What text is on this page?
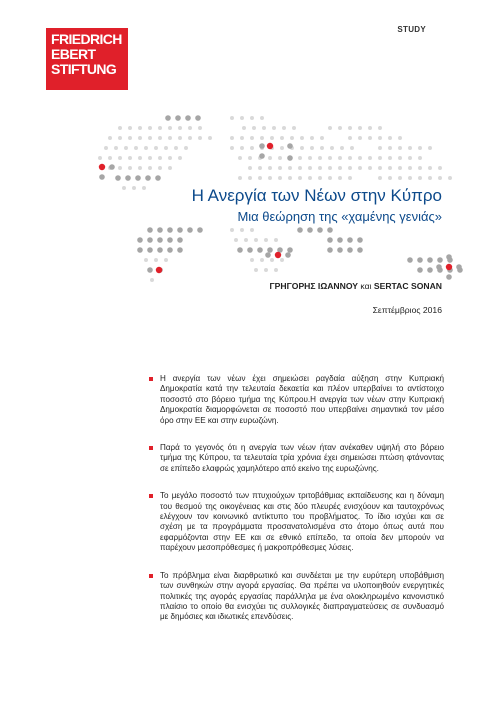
FRIEDRICH
EBERT
STIFTUNG
STUDY
Η Ανεργία των Νέων στην Κύπρο
Μια θεώρηση της «χαμένης γενιάς»
ΓΡΗΓΟΡΗΣ ΙΩΑΝΝΟΥ και SERTAC SONAN
Σεπτέμβριος 2016
Η ανεργία των νέων έχει σημειώσει ραγδαία αύξηση στην Κυπριακή Δημοκρατία κατά την τελευταία δεκαετία και πλέον υπερβαίνει το αντίστοιχο ποσοστό στο βόρειο τμήμα της Κύπρου.Η ανεργία των νέων στην Κυπριακή Δημοκρατία διαμορφώνεται σε ποσοστό που υπερβαίνει σημαντικά τον μέσο όρο στην ΕΕ και στην ευρωζώνη.
Παρά το γεγονός ότι η ανεργία των νέων ήταν ανέκαθεν υψηλή στο βόρειο τμήμα της Κύπρου, τα τελευταία τρία χρόνια έχει σημειώσει πτώση φτάνοντας σε επίπεδο ελαφρώς χαμηλότερο από εκείνο της ευρωζώνης.
Το μεγάλο ποσοστό των πτυχιούχων τριτοβάθμιας εκπαίδευσης και η δύναμη του θεσμού της οικογένειας και στις δύο πλευρές ενισχύουν και ταυτοχρόνως ελέγχουν τον κοινωνικό αντίκτυπο του προβλήματος. Το ίδιο ισχύει και σε σχέση με τα προγράμματα προσανατολισμένα στο άτομο όπως αυτά που εφαρμόζονται στην ΕΕ και σε εθνικό επίπεδο, τα οποία δεν μπορούν να παρέχουν μεσοπρόθεσμες ή μακροπρόθεσμες λύσεις.
Το πρόβλημα είναι διαρθρωτικό και συνδέεται με την ευρύτερη υποβάθμιση των συνθηκών στην αγορά εργασίας. Θα πρέπει να υλοποιηθούν ενεργητικές πολιτικές της αγοράς εργασίας παράλληλα με ένα ολοκληρωμένο κανονιστικό πλαίσιο το οποίο θα ενισχύει τις συλλογικές διαπραγματεύσεις σε συνδυασμό με δημόσιες και ιδιωτικές επενδύσεις.
